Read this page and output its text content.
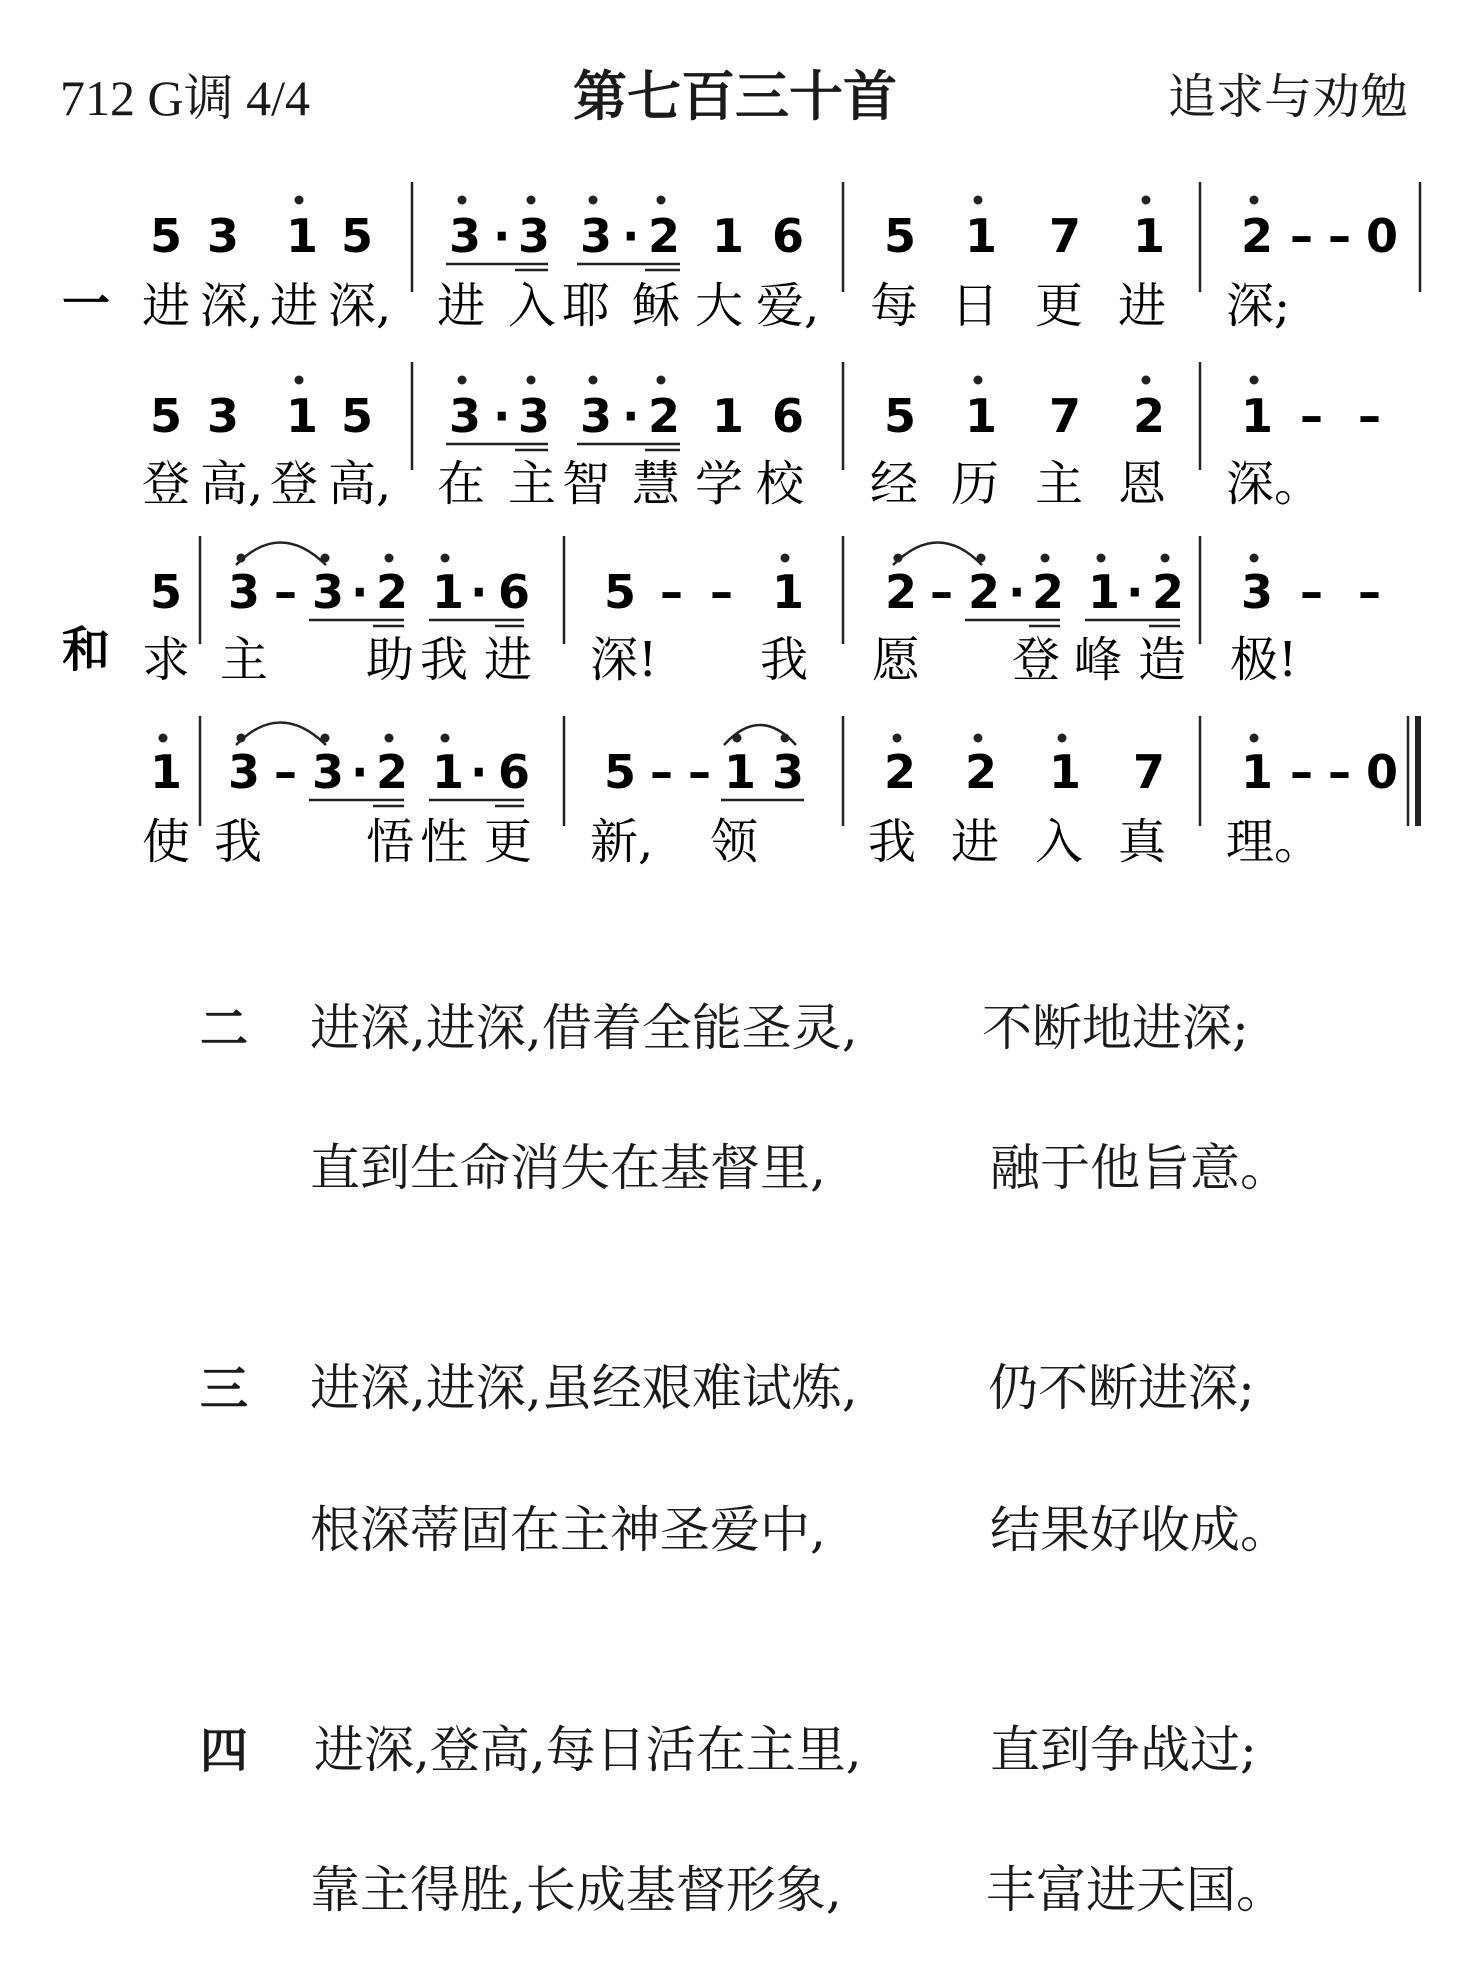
712 G调 4/4	第七百三十首	追求与劝勉
一
和
5 3 1 5 3 · 3 3 · 2 1 6 5 1 7 1 2 – – 0
进 深, 进 深, 进 入 耶 稣 大 爱, 每 日 更 进 深;
5 3 1 5 3 · 3 3 · 2 1 6 5 1 7 2 1 – –
登 高, 登 高, 在 主 智 慧 学 校 经 历 主 恩 深。
5 3 – 3 · 2 1 · 6 5 – – 1 2 – 2 · 2 1 · 2 3 – –
求 主 助 我 进 深! 我 愿 登 峰 造 极!
1 3 – 3 · 2 1 · 6 5 – – 1 3 2 2 1 7 1 – – 0
使 我 悟 性 更 新, 领 我 进 入 真 理。
二 进深,进深,借着全能圣灵, 不断地进深;
直到生命消失在基督里,	融于他旨意。
三 进深,进深,虽经艰难试炼,	仍不断进深;
根深蒂固在主神圣爱中,	结果好收成。
四 进深,登高,每日活在主里,	直到争战过;
靠主得胜,长成基督形象,	丰富进天国。
